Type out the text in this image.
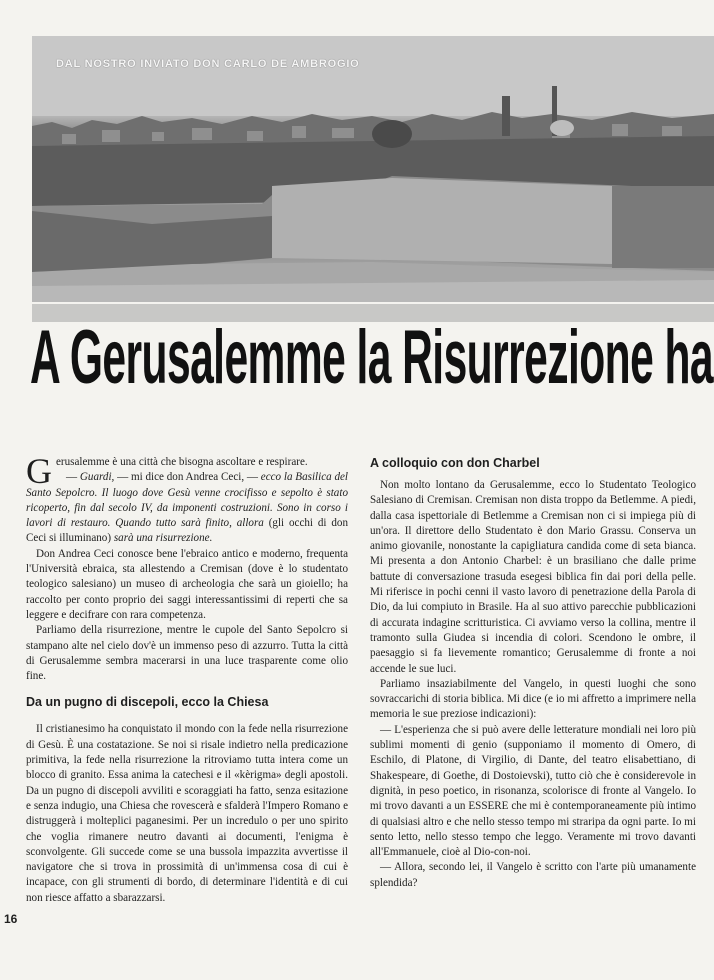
DAL NOSTRO INVIATO DON CARLO DE AMBROGIO
A Gerusalemme la Risurrezione ha

Gerusalemme è una città che bisogna ascoltare e respirare.

— Guardi, — mi dice don Andrea Ceci, — ecco la Basilica del Santo Sepolcro. Il luogo dove Gesù venne crocifisso e sepolto è stato ricoperto, fin dal secolo IV, da imponenti costruzioni. Sono in corso i lavori di restauro. Quando tutto sarà finito, allora (gli occhi di don Ceci si illuminano) sarà una risurrezione.

Don Andrea Ceci conosce bene l'ebraico antico e moderno, frequenta l'Università ebraica, sta allestendo a Cremisan (dove è lo studentato teologico salesiano) un museo di archeologia che sarà un gioiello; ha raccolto per conto proprio dei saggi interessantissimi di reperti che sa leggere e decifrare con rara competenza.

Parliamo della risurrezione, mentre le cupole del Santo Sepolcro si stampano alte nel cielo dov'è un immenso peso di azzurro. Tutta la città di Gerusalemme sembra macerarsi in una luce trasparente come olio fine.

Da un pugno di discepoli, ecco la Chiesa

Il cristianesimo ha conquistato il mondo con la fede nella risurrezione di Gesù. È una costatazione. Se noi si risale indietro nella predicazione primitiva, la fede nella risurrezione la ritroviamo tutta intera come un blocco di granito. Essa anima la catechesi e il «kèrigma» degli apostoli. Da un pugno di discepoli avviliti e scoraggiati ha fatto, senza esitazione e senza indugio, una Chiesa che rovescerà e sfalderà l'Impero Romano e distruggerà i molteplici paganesimi. Per un incredulo o per uno spirito che voglia rimanere neutro davanti ai documenti, l'enigma è sconvolgente. Gli succede come se una bussola impazzita avvertisse il navigatore che si trova in prossimità di un'immensa cosa di cui è incapace, con gli strumenti di bordo, di determinare l'identità e di cui non riesce affatto a sbarazzarsi.

A colloquio con don Charbel

Non molto lontano da Gerusalemme, ecco lo Studentato Teologico Salesiano di Cremisan. Cremisan non dista troppo da Betlemme. A piedi, dalla casa ispettoriale di Betlemme a Cremisan non ci si impiega più di un'ora. Il direttore dello Studentato è don Mario Grassu. Conserva un animo giovanile, nonostante la capigliatura candida come di seta bianca. Mi presenta a don Antonio Charbel: è un brasiliano che dalle prime battute di conversazione trasuda esegesi biblica fin dai pori della pelle. Mi riferisce in pochi cenni il vasto lavoro di penetrazione della Parola di Dio, da lui compiuto in Brasile. Ha al suo attivo parecchie pubblicazioni di accurata indagine scritturistica. Ci avviamo verso la collina, mentre il tramonto sulla Giudea si incendia di colori. Scendono le ombre, il paesaggio si fa lievemente romantico; Gerusalemme di fronte a noi accende le sue luci.

Parliamo insaziabilmente del Vangelo, in questi luoghi che sono sovraccarichi di storia biblica. Mi dice (e io mi affretto a imprimere nella memoria le sue preziose indicazioni):

— L'esperienza che si può avere delle letterature mondiali nei loro più sublimi momenti di genio (supponiamo il momento di Omero, di Eschilo, di Platone, di Virgilio, di Dante, del teatro elisabettiano, di Shakespeare, di Goethe, di Dostoievski), tutto ciò che è considerevole in dignità, in peso poetico, in risonanza, scolorisce di fronte al Vangelo. Io mi trovo davanti a un ESSERE che mi è contemporaneamente più intimo di qualsiasi altro e che nello stesso tempo mi straripa da ogni parte. Io mi sento letto, nello stesso tempo che leggo. Veramente mi trovo davanti all'Emmanuele, cioè al Dio-con-noi.

— Allora, secondo lei, il Vangelo è scritto con l'arte più umanamente splendida?

16
